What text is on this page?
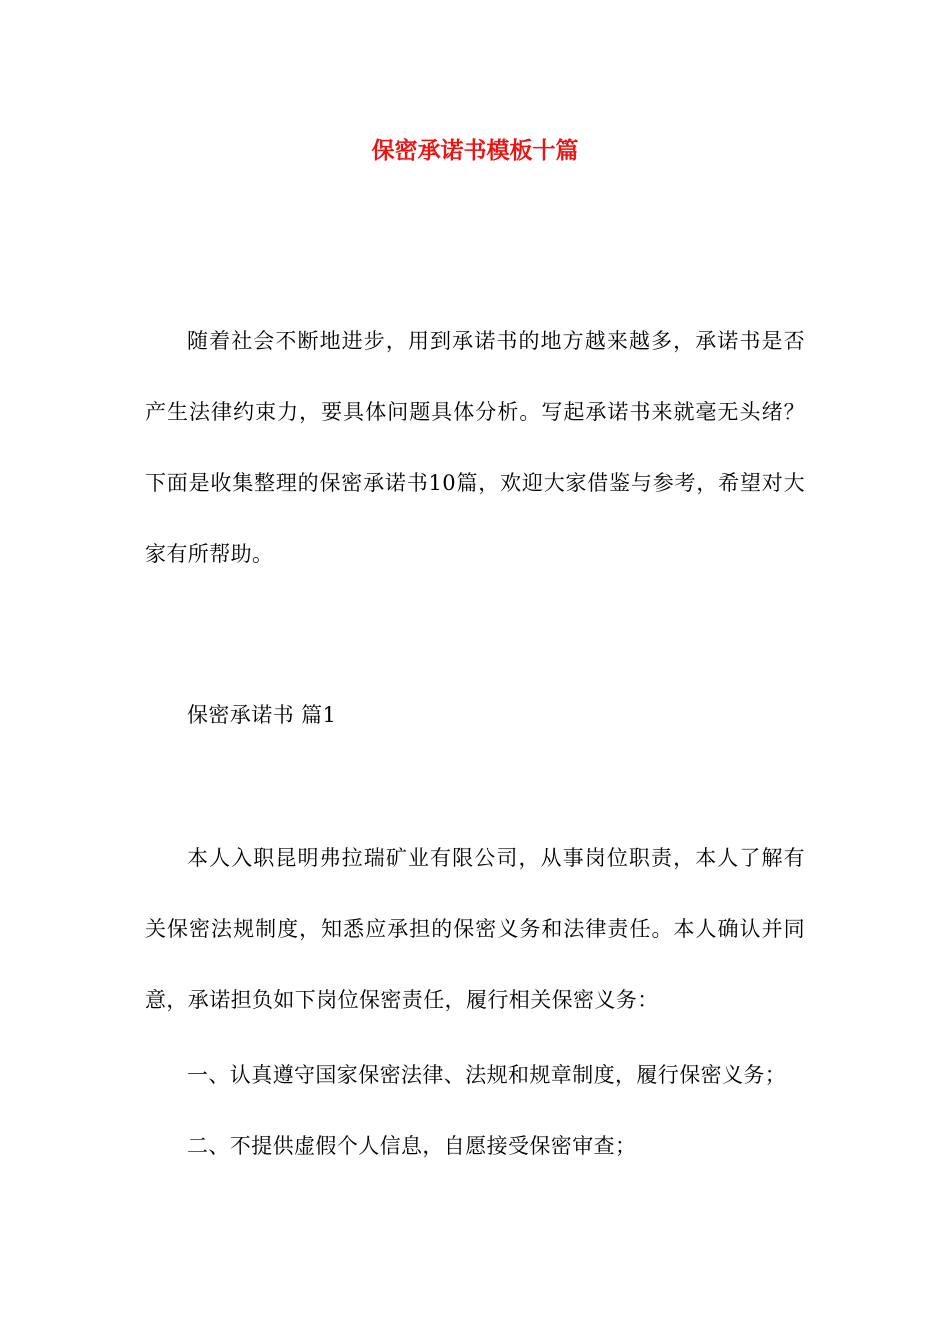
保密承诺书模板十篇

随着社会不断地进步，用到承诺书的地方越来越多，承诺书是否产生法律约束力，要具体问题具体分析。写起承诺书来就毫无头绪？下面是收集整理的保密承诺书10篇，欢迎大家借鉴与参考，希望对大家有所帮助。

保密承诺书 篇1

本人入职昆明弗拉瑞矿业有限公司，从事岗位职责，本人了解有关保密法规制度，知悉应承担的保密义务和法律责任。本人确认并同意，承诺担负如下岗位保密责任，履行相关保密义务：

一、认真遵守国家保密法律、法规和规章制度，履行保密义务；

二、不提供虚假个人信息，自愿接受保密审查；
